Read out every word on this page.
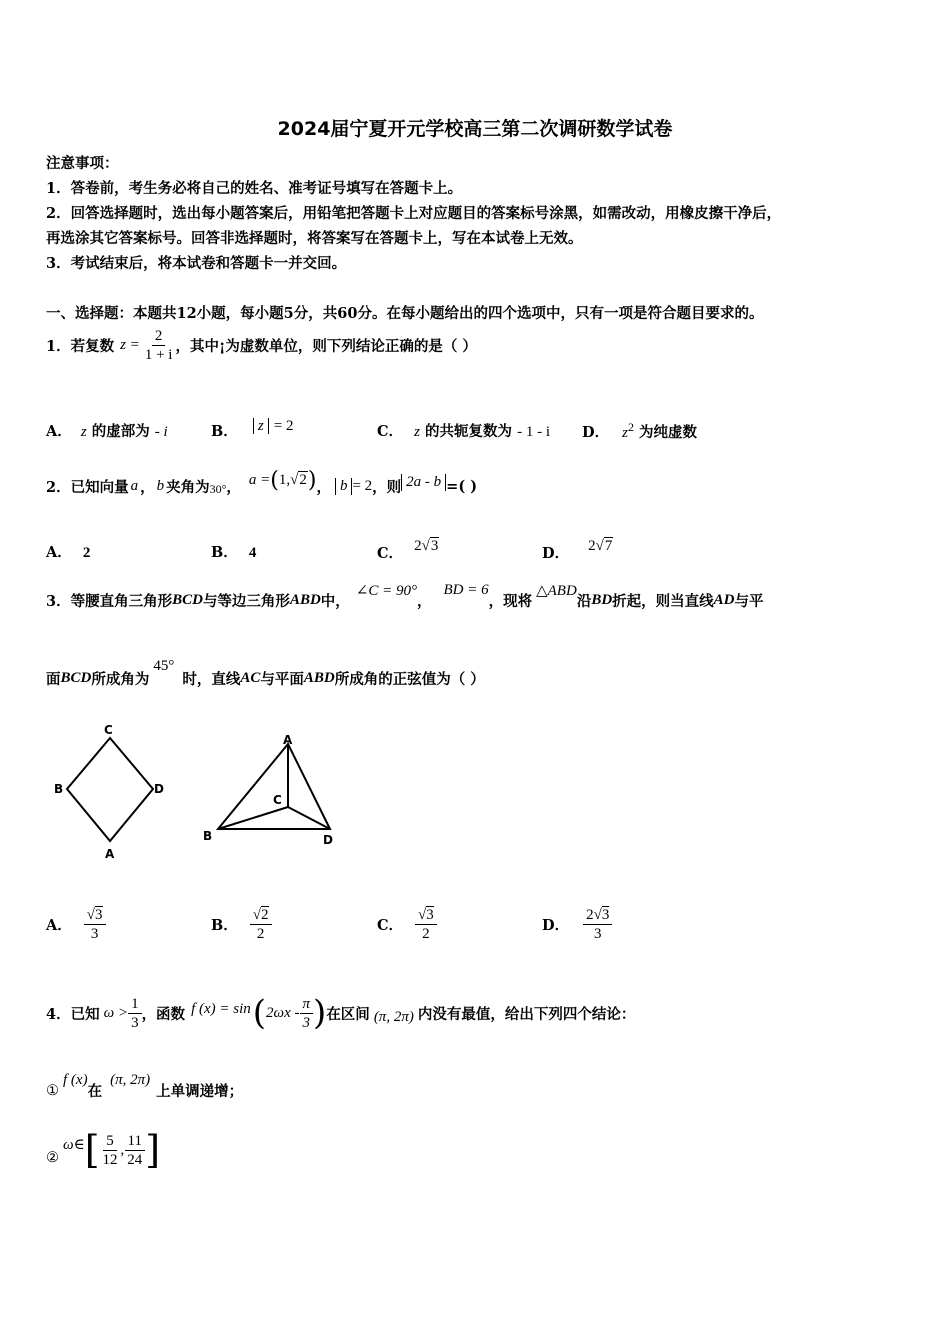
2024届宁夏开元学校高三第二次调研数学试卷
注意事项：
1．答卷前，考生务必将自己的姓名、准考证号填写在答题卡上。
2．回答选择题时，选出每小题答案后，用铅笔把答题卡上对应题目的答案标号涂黑，如需改动，用橡皮擦干净后，
再选涂其它答案标号。回答非选择题时，将答案写在答题卡上，写在本试卷上无效。
3．考试结束后，将本试卷和答题卡一并交回。
一、选择题：本题共12小题，每小题5分，共60分。在每小题给出的四个选项中，只有一项是符合题目要求的。
1．若复数 $z = \frac{2}{1 + i}$ ，其中¡为虚数单位，则下列结论正确的是（ ）
A． z 的虚部为 - i	B． z = 2	C． z 的共轭复数为 - 1 - i D． $z^2$ 为纯虚数
2．已知向量 a ， b 夹角为 30° ， a = ( 1, √2 ) ， b = 2 ，则 2a - b =( )
A． 2	B． 4	C． 2√3	D． 2√7
3．等腰直角三角形 BCD 与等边三角形 ABD 中，
∠C = 90°
，
BD = 6
，现将
△ABD
沿 BD 折起，则当直线 AD 与平
面 BCD 所成角为
45°
时，直线 AC 与平面 ABD 所成角的正弦值为（ ）
C
B	D
A
A
C
B	D
A． $\frac{√3}{3}$	B． $\frac{√2}{2}$	C． $\frac{√3}{2}$	D． $\frac{2√3}{3}$
4．已知 $\omega > \frac{1}{3}$ ，函数 f (x) = sin ( $2\omega x - \frac{\pi}{3}$ ) 在区间 (π, 2π) 内没有最值，给出下列四个结论：
①
f (x)
在
(π, 2π)
上单调递增；
②
ω∈ [ $\frac{5}{12}$ , $\frac{11}{24}$ ]
